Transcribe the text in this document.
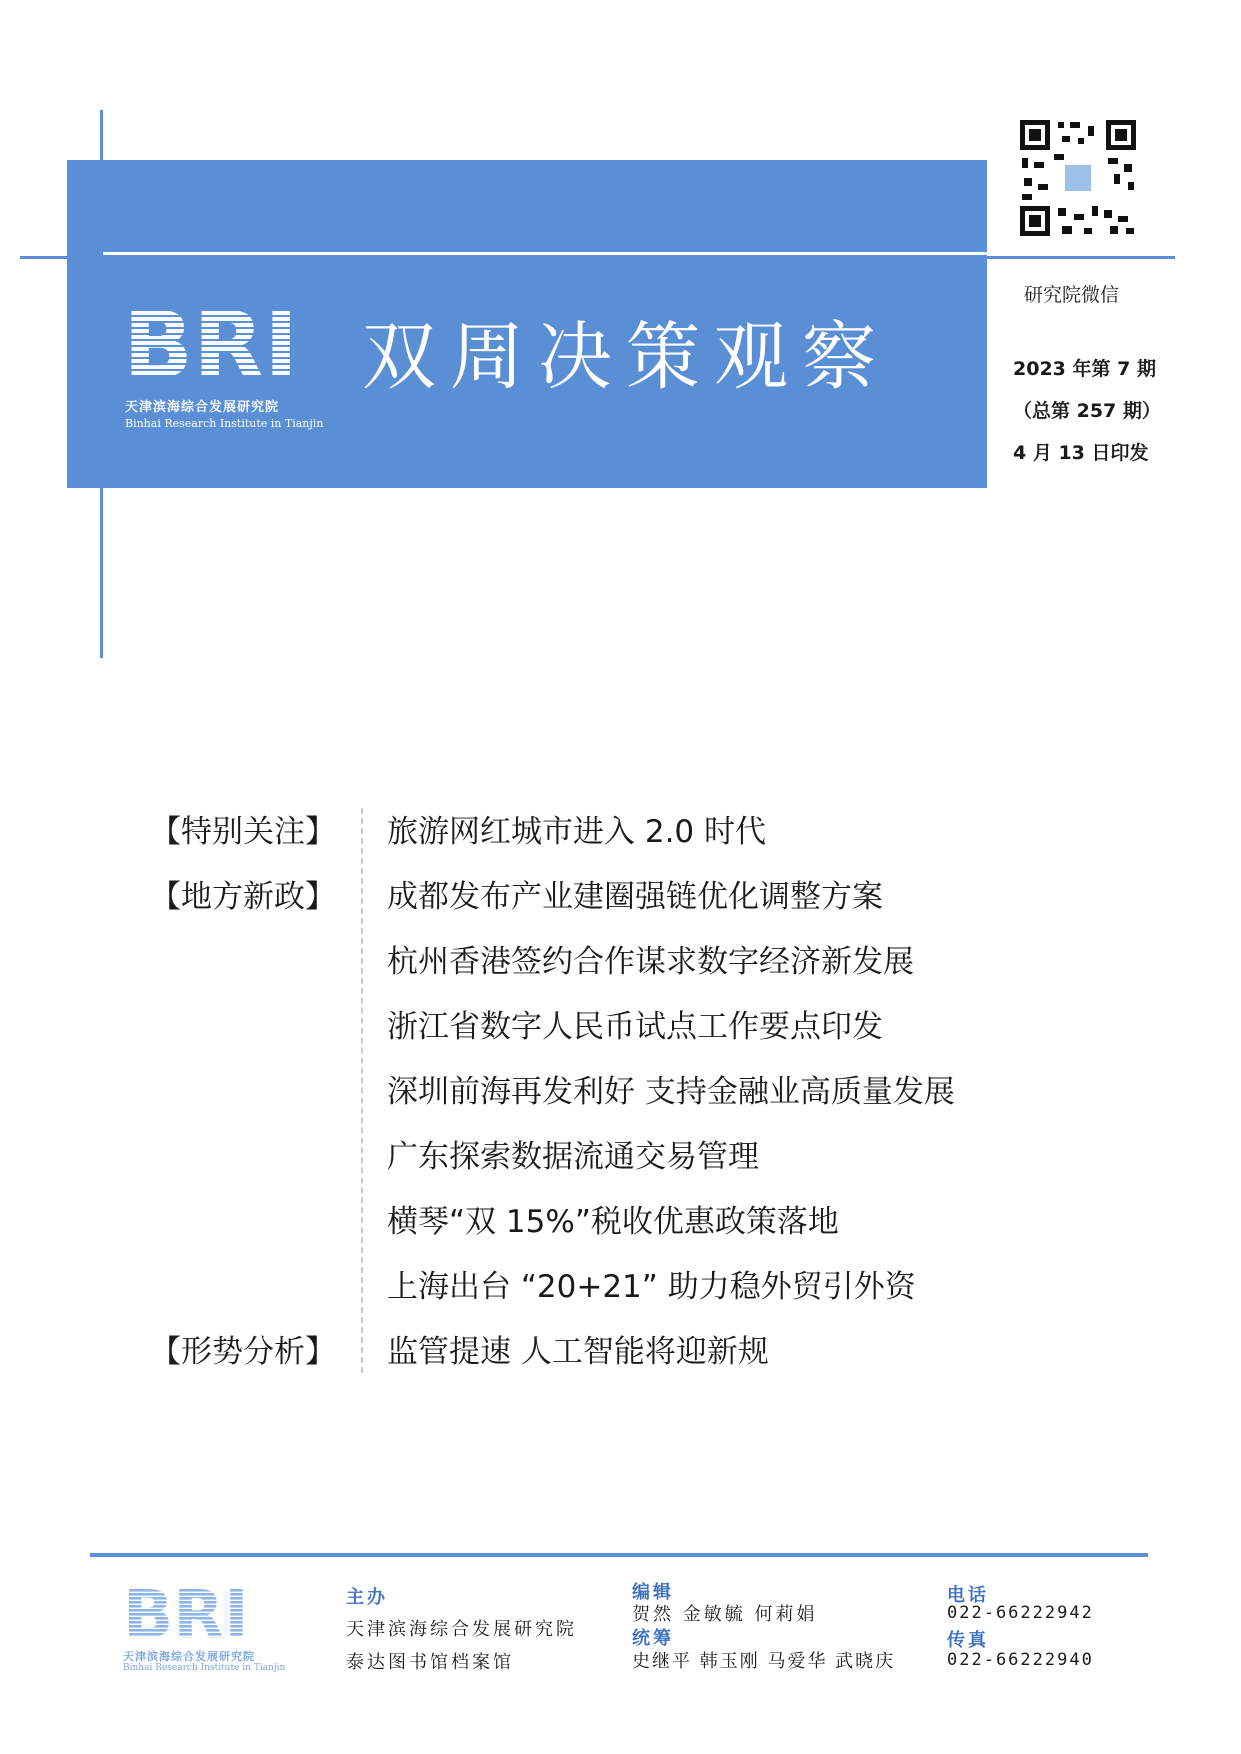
BRI
天津滨海综合发展研究院
Binhai Research Institute in Tianjin
双周决策观察
研究院微信
2023 年第 7 期
（总第 257 期）
4 月 13 日印发
【特别关注】 旅游网红城市进入 2.0 时代
【地方新政】 成都发布产业建圈强链优化调整方案
杭州香港签约合作谋求数字经济新发展
浙江省数字人民币试点工作要点印发
深圳前海再发利好 支持金融业高质量发展
广东探索数据流通交易管理
横琴“双 15%”税收优惠政策落地
上海出台 “20+21” 助力稳外贸引外资
【形势分析】 监管提速 人工智能将迎新规
BRI
天津滨海综合发展研究院
Binhai Research Institute in Tianjin
主办
天津滨海综合发展研究院
泰达图书馆档案馆
编辑
贺然 金敏毓 何莉娟
统筹
史继平 韩玉刚 马爱华 武晓庆
电话
022-66222942
传真
022-66222940
